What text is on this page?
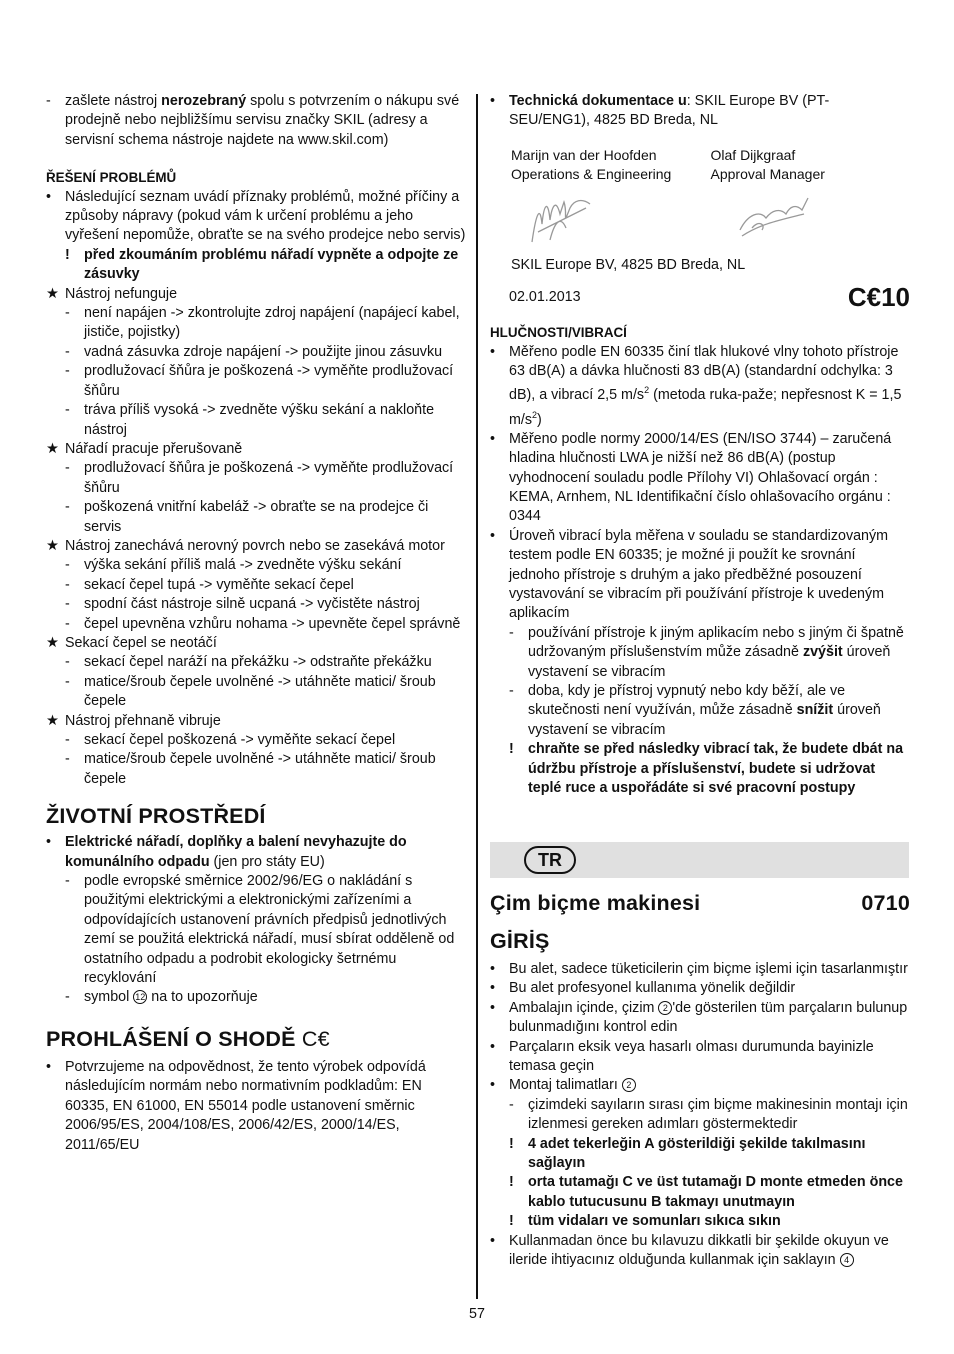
- zašlete nástroj nerozebraný spolu s potvrzením o nákupu své prodejně nebo nejbližšímu servisu značky SKIL (adresy a servisní schema nástroje najdete na www.skil.com)

ŘEŠENÍ PROBLÉMŮ
• Následující seznam uvádí příznaky problémů, možné příčiny a způsoby nápravy (pokud vám k určení problému a jeho vyřešení nepomůže, obraťte se na svého prodejce nebo servis)

! před zkoumáním problému nářadí vypněte a odpojte ze zásuvky

★ Nástroj nefunguje

- není napájen -> zkontrolujte zdroj napájení (napájecí kabel, jističe, pojistky)

- vadná zásuvka zdroje napájení -> použijte jinou zásuvku

- prodlužovací šňůra je poškozená -> vyměňte prodlužovací šňůru

- tráva příliš vysoká -> zvedněte výšku sekání a nakloňte nástroj

★ Nářadí pracuje přerušovaně

- prodlužovací šňůra je poškozená -> vyměňte prodlužovací šňůru

- poškozená vnitřní kabeláž -> obraťte se na prodejce či servis

★ Nástroj zanechává nerovný povrch nebo se zasekává motor

- výška sekání příliš malá -> zvedněte výšku sekání

- sekací čepel tupá -> vyměňte sekací čepel

- spodní část nástroje silně ucpaná -> vyčistěte nástroj

- čepel upevněna vzhůru nohama -> upevněte čepel správně

★ Sekací čepel se neotáčí

- sekací čepel naráží na překážku -> odstraňte překážku

- matice/šroub čepele uvolněné -> utáhněte matici/ šroub čepele

★ Nástroj přehnaně vibruje

- sekací čepel poškozená -> vyměňte sekací čepel

- matice/šroub čepele uvolněné -> utáhněte matici/ šroub čepele

ŽIVOTNÍ PROSTŘEDÍ
• Elektrické nářadí, doplňky a balení nevyhazujte do komunálního odpadu (jen pro státy EU)

- podle evropské směrnice 2002/96/EG o nakládání s použitými elektrickými a elektronickými zařízeními a odpovídajících ustanovení právních předpisů jednotlivých zemí se použitá elektrická nářadí, musí sbírat odděleně od ostatního odpadu a podrobit ekologicky šetrnému recyklování

- symbol 12 na to upozorňuje

PROHLÁŠENÍ O SHODĚ C€
• Potvrzujeme na odpovědnost, že tento výrobek odpovídá následujícím normám nebo normativním podkladům: EN 60335, EN 61000, EN 55014 podle ustanovení směrnic 2006/95/ES, 2004/108/ES, 2006/42/ES, 2000/14/ES, 2011/65/EU

• Technická dokumentace u: SKIL Europe BV (PT-SEU/ENG1), 4825 BD Breda, NL

Marijn van der Hoofden
Operations & Engineering
Olaf Dijkgraaf
Approval Manager

SKIL Europe BV, 4825 BD Breda, NL

02.01.2013	C€10
HLUČNOSTI/VIBRACÍ
• Měřeno podle EN 60335 činí tlak hlukové vlny tohoto přístroje 63 dB(A) a dávka hlučnosti 83 dB(A) (standardní odchylka: 3 dB), a vibrací 2,5 $m/s^2$ (metoda ruka-paže; nepřesnost K = 1,5 $m/s^2$)

• Měřeno podle normy 2000/14/ES (EN/ISO 3744) – zaručená hladina hlučnosti LWA je nižší než 86 dB(A) (postup vyhodnocení souladu podle Přílohy VI) Ohlašovací orgán : KEMA, Arnhem, NL Identifikační číslo ohlašovacího orgánu : 0344

• Úroveň vibrací byla měřena v souladu se standardizovaným testem podle EN 60335; je možné ji použít ke srovnání jednoho přístroje s druhým a jako předběžné posouzení vystavování se vibracím při používání přístroje k uvedeným aplikacím

- používání přístroje k jiným aplikacím nebo s jiným či špatně udržovaným příslušenstvím může zásadně zvýšit úroveň vystavení se vibracím

- doba, kdy je přístroj vypnutý nebo kdy běží, ale ve skutečnosti není využíván, může zásadně snížit úroveň vystavení se vibracím

! chraňte se před následky vibrací tak, že budete dbát na údržbu přístroje a příslušenství, budete si udržovat teplé ruce a uspořádáte si své pracovní postupy

TR
Çim biçme makinesi	0710
GİRİŞ
• Bu alet, sadece tüketicilerin çim biçme işlemi için tasarlanmıştır

• Bu alet profesyonel kullanıma yönelik değildir

• Ambalajın içinde, çizim 2 'de gösterilen tüm parçaların bulunup bulunmadığını kontrol edin

• Parçaların eksik veya hasarlı olması durumunda bayinizle temasa geçin

• Montaj talimatları 2

- çizimdeki sayıların sırası çim biçme makinesinin montajı için izlenmesi gereken adımları göstermektedir

! 4 adet tekerleğin A gösterildiği şekilde takılmasını sağlayın

! orta tutamağı C ve üst tutamağı D monte etmeden önce kablo tutucusunu B takmayı unutmayın

! tüm vidaları ve somunları sıkıca sıkın

• Kullanmadan önce bu kılavuzu dikkatli bir şekilde okuyun ve ileride ihtiyacınız olduğunda kullanmak için saklayın 4

57
